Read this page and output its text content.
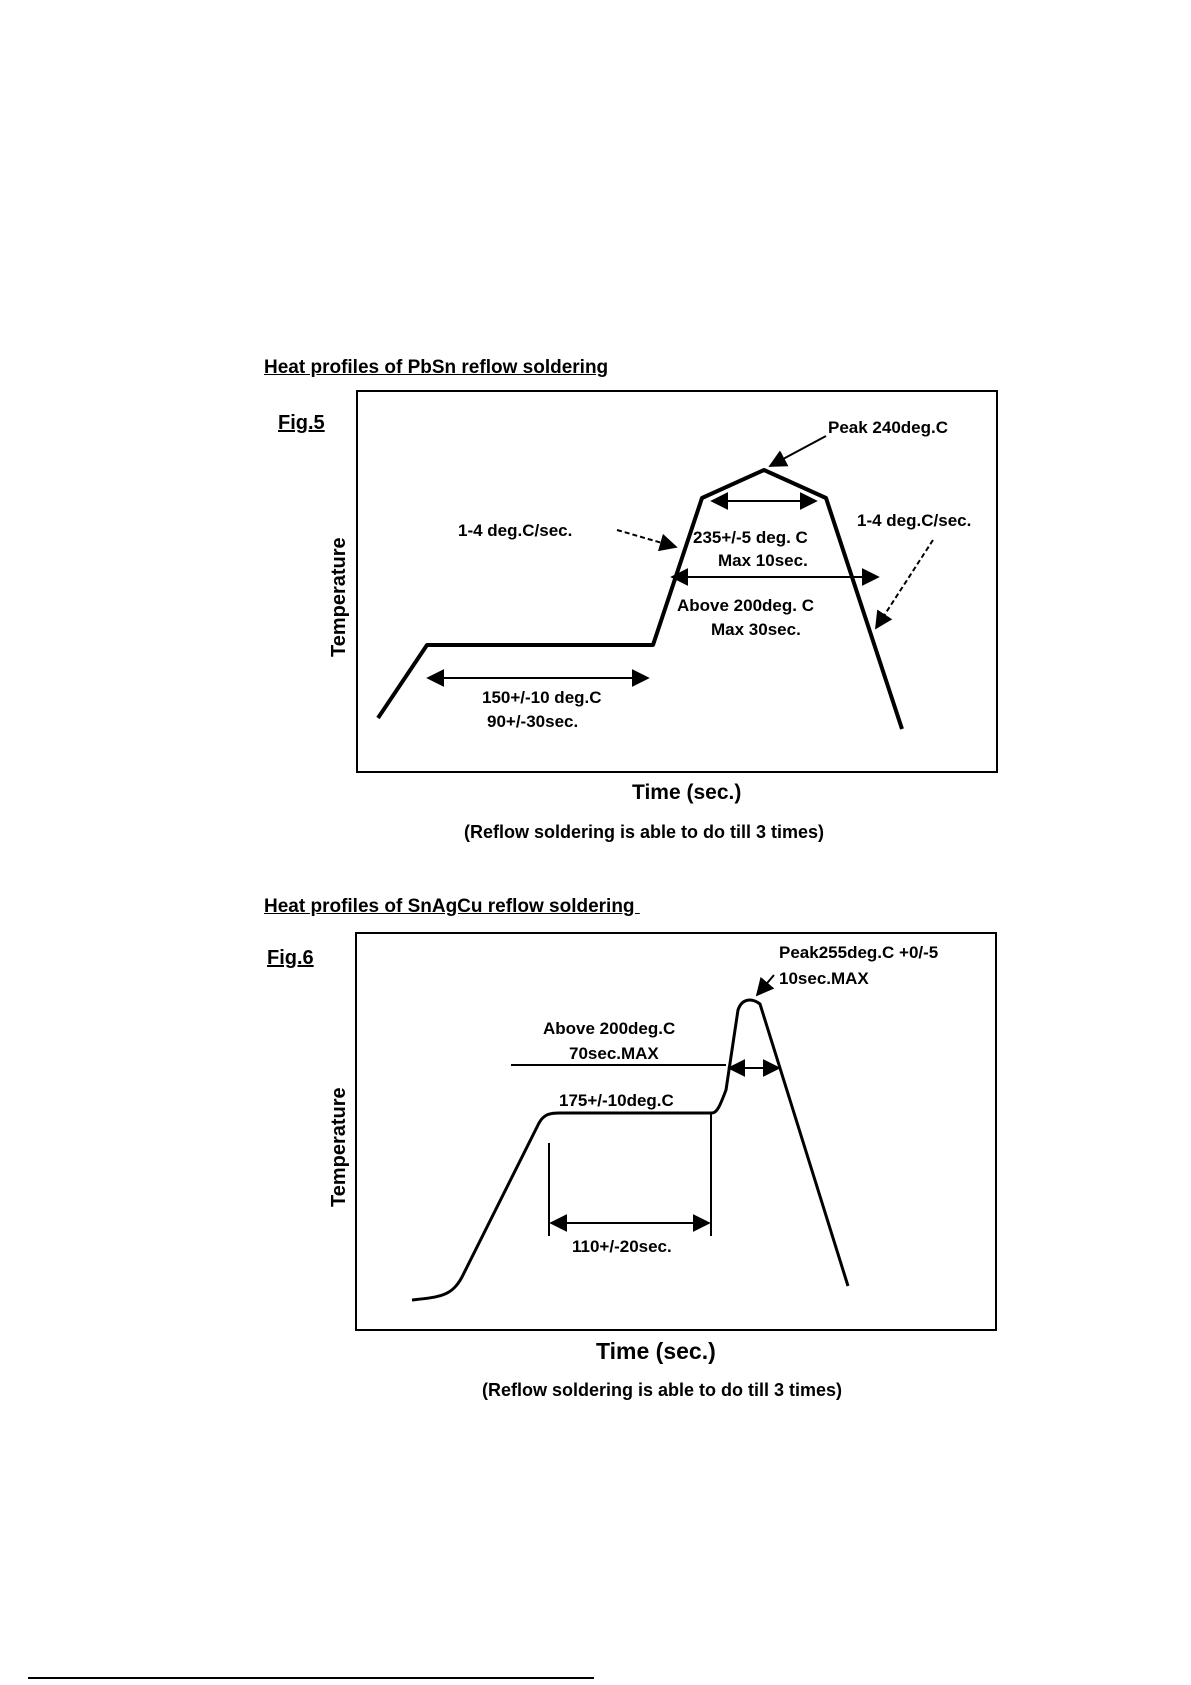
Heat profiles of PbSn reflow soldering
Fig.5
Temperature
Peak 240deg.C
1-4 deg.C/sec.
1-4 deg.C/sec.
235+/-5 deg. C
Max 10sec.
Above 200deg. C
Max 30sec.
150+/-10 deg.C
90+/-30sec.
Time (sec.)
(Reflow soldering is able to do till 3 times)
Heat profiles of SnAgCu reflow soldering
Fig.6
Temperature
Peak255deg.C +0/-5
10sec.MAX
Above 200deg.C
70sec.MAX
175+/-10deg.C
110+/-20sec.
Time (sec.)
(Reflow soldering is able to do till 3 times)
